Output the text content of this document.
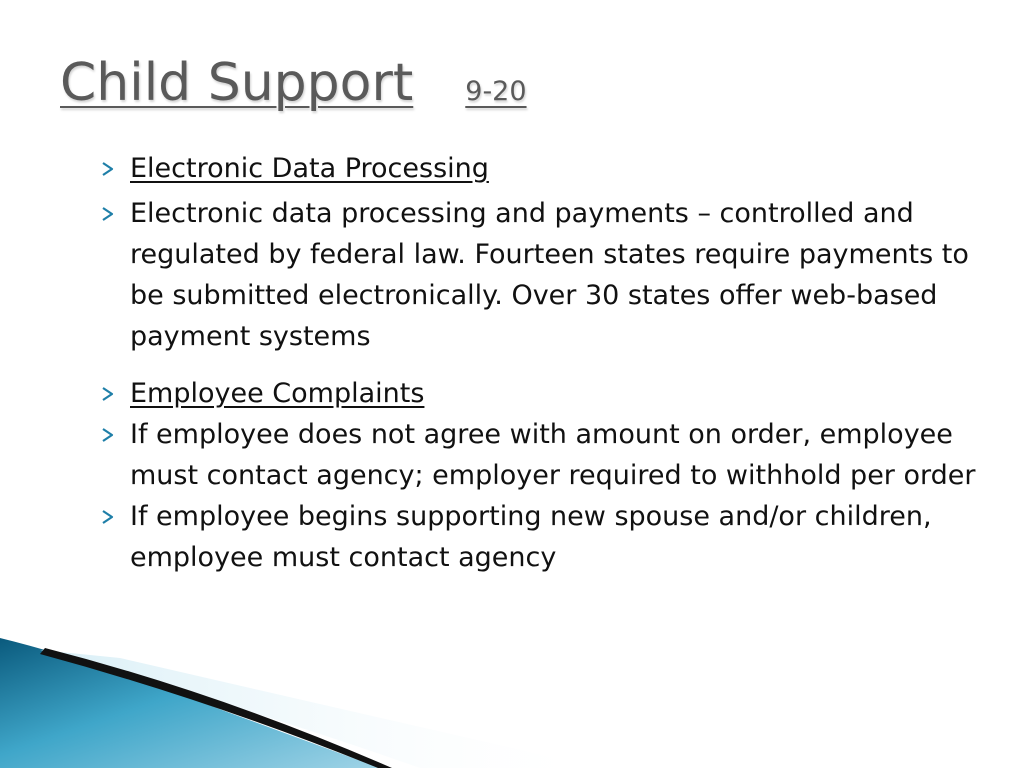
Child Support 9-20
Electronic Data Processing
Electronic data processing and payments – controlled and regulated by federal law. Fourteen states require payments to be submitted electronically. Over 30 states offer web-based payment systems
Employee Complaints
If employee does not agree with amount on order, employee must contact agency; employer required to withhold per order
If employee begins supporting new spouse and/or children, employee must contact agency
